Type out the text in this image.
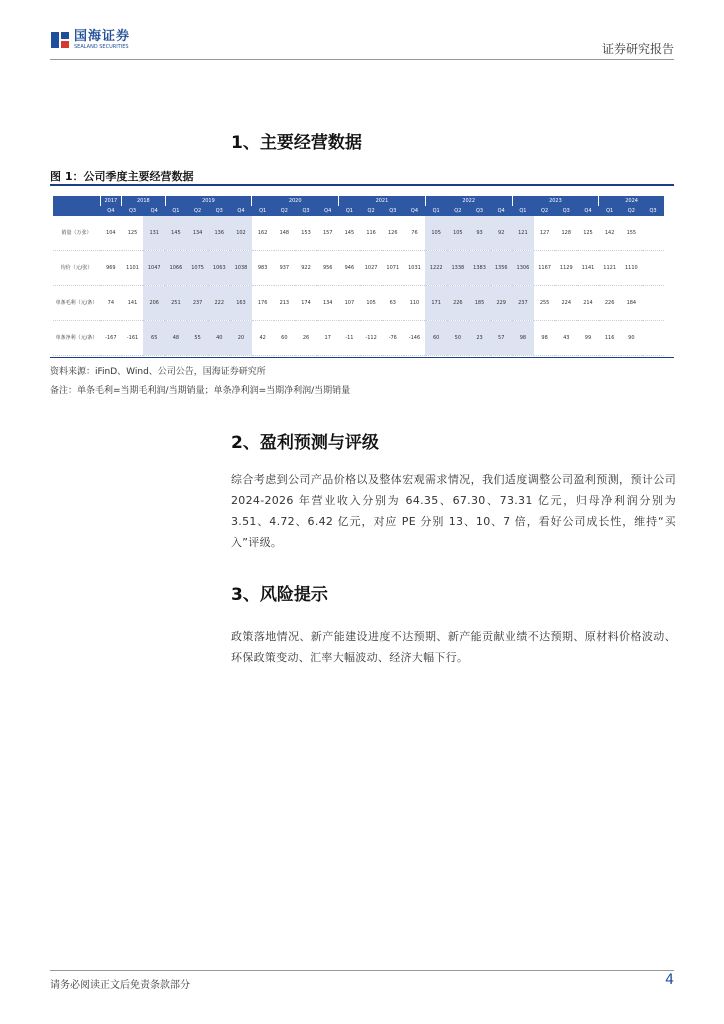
国海证券
SEALAND SECURITIES	证券研究报告
1、主要经营数据
图 1：公司季度主要经营数据
	2017	2018		2019				2020				2021				2022				2023				2024		
	Q4	Q3	Q4	Q1	Q2	Q3	Q4	Q1	Q2	Q3	Q4	Q1	Q2	Q3	Q4	Q1	Q2	Q3	Q4	Q1	Q2	Q3	Q4	Q1	Q2	Q3
销量（万张）	104	125	131	145	134	136	102	162	148	153	157	145	116	126	76	105	105	93	92	121	127	128	125	142	155	
均价（元/张）	969	1101	1047	1066	1075	1063	1038	983	937	922	956	946	1027	1071	1031	1222	1338	1383	1356	1306	1167	1129	1141	1121	1110	
单条毛利（元/条）	74	141	206	251	237	222	163	176	213	174	134	107	105	63	110	171	226	185	229	237	255	224	214	226	184	
单条净利（元/条）	-167	-161	65	48	55	40	20	42	60	26	17	-11	-112	-76	-146	60	50	23	57	98	98	43	99	116	90	
资料来源：iFinD、Wind、公司公告，国海证券研究所
备注：单条毛利=当期毛利润/当期销量；单条净利润=当期净利润/当期销量
2、盈利预测与评级
综合考虑到公司产品价格以及整体宏观需求情况，我们适度调整公司盈利预测，预计公司 2024-2026 年营业收入分别为 64.35、67.30、73.31 亿元，归母净利润分别为 3.51、4.72、6.42 亿元，对应 PE 分别 13、10、7 倍，看好公司成长性，维持“买入”评级。
3、风险提示
政策落地情况、新产能建设进度不达预期、新产能贡献业绩不达预期、原材料价格波动、环保政策变动、汇率大幅波动、经济大幅下行。
请务必阅读正文后免责条款部分	4
